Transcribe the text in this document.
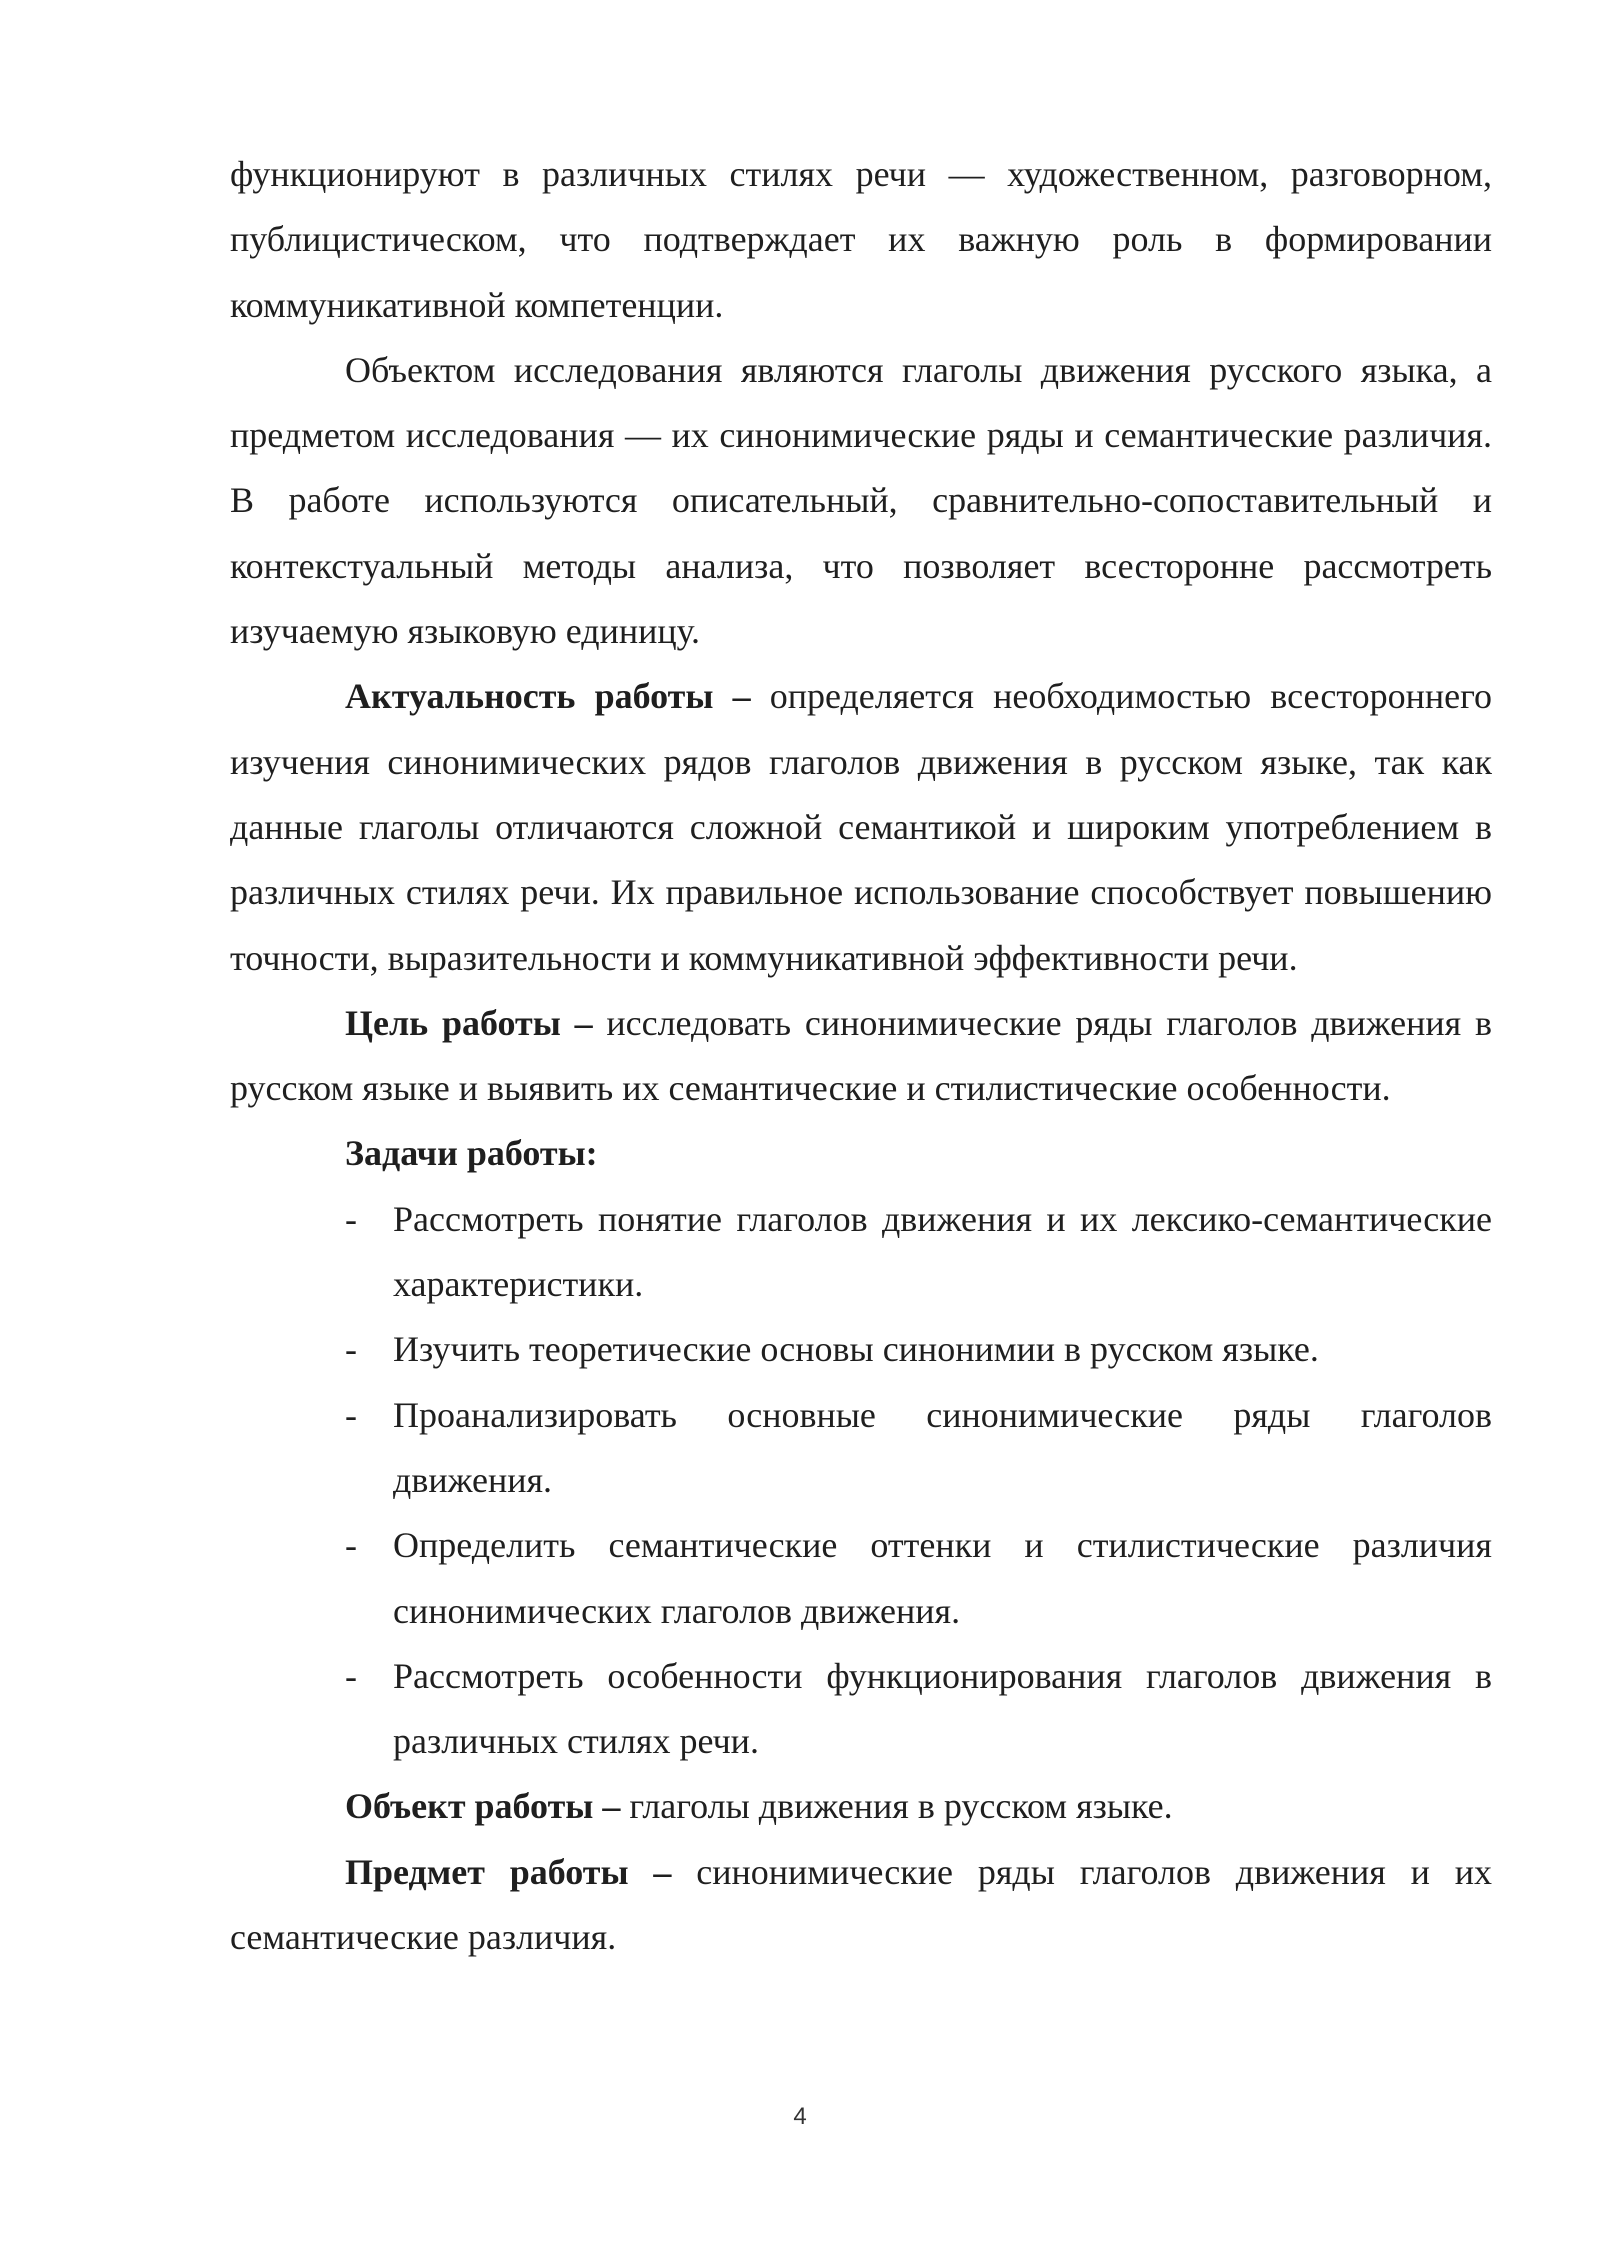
функционируют в различных стилях речи — художественном, разговорном, публицистическом, что подтверждает их важную роль в формировании коммуникативной компетенции.

Объектом исследования являются глаголы движения русского языка, а предметом исследования — их синонимические ряды и семантические различия. В работе используются описательный, сравнительно-сопоставительный и контекстуальный методы анализа, что позволяет всесторонне рассмотреть изучаемую языковую единицу.

Актуальность работы – определяется необходимостью всестороннего изучения синонимических рядов глаголов движения в русском языке, так как данные глаголы отличаются сложной семантикой и широким употреблением в различных стилях речи. Их правильное использование способствует повышению точности, выразительности и коммуникативной эффективности речи.

Цель работы – исследовать синонимические ряды глаголов движения в русском языке и выявить их семантические и стилистические особенности.

Задачи работы:

- Рассмотреть понятие глаголов движения и их лексико-семантические характеристики.
- Изучить теоретические основы синонимии в русском языке.
- Проанализировать основные синонимические ряды глаголов движения.
- Определить семантические оттенки и стилистические различия синонимических глаголов движения.
- Рассмотреть особенности функционирования глаголов движения в различных стилях речи.

Объект работы – глаголы движения в русском языке.

Предмет работы – синонимические ряды глаголов движения и их семантические различия.

4
